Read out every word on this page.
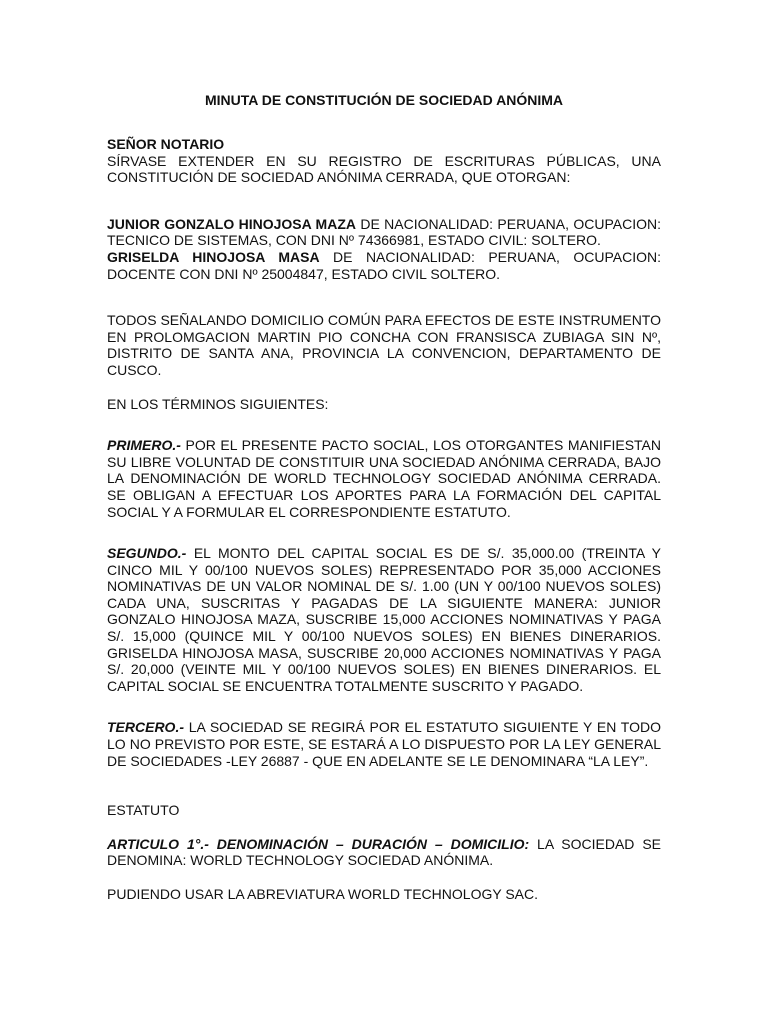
MINUTA DE CONSTITUCIÓN DE SOCIEDAD ANÓNIMA

SEÑOR NOTARIO
SÍRVASE EXTENDER EN SU REGISTRO DE ESCRITURAS PÚBLICAS, UNA CONSTITUCIÓN DE SOCIEDAD ANÓNIMA CERRADA, QUE OTORGAN:

JUNIOR GONZALO HINOJOSA MAZA DE NACIONALIDAD: PERUANA, OCUPACION: TECNICO DE SISTEMAS, CON DNI Nº 74366981, ESTADO CIVIL: SOLTERO.
GRISELDA HINOJOSA MASA DE NACIONALIDAD: PERUANA, OCUPACION: DOCENTE CON DNI Nº 25004847, ESTADO CIVIL SOLTERO.

TODOS SEÑALANDO DOMICILIO COMÚN PARA EFECTOS DE ESTE INSTRUMENTO EN PROLOMGACION MARTIN PIO CONCHA CON FRANSISCA ZUBIAGA SIN Nº, DISTRITO DE SANTA ANA, PROVINCIA LA CONVENCION, DEPARTAMENTO DE CUSCO.

EN LOS TÉRMINOS SIGUIENTES:

PRIMERO.- POR EL PRESENTE PACTO SOCIAL, LOS OTORGANTES MANIFIESTAN SU LIBRE VOLUNTAD DE CONSTITUIR UNA SOCIEDAD ANÓNIMA CERRADA, BAJO LA DENOMINACIÓN DE WORLD TECHNOLOGY SOCIEDAD ANÓNIMA CERRADA. SE OBLIGAN A EFECTUAR LOS APORTES PARA LA FORMACIÓN DEL CAPITAL SOCIAL Y A FORMULAR EL CORRESPONDIENTE ESTATUTO.

SEGUNDO.- EL MONTO DEL CAPITAL SOCIAL ES DE S/. 35,000.00 (TREINTA Y CINCO MIL Y 00/100 NUEVOS SOLES) REPRESENTADO POR 35,000 ACCIONES NOMINATIVAS DE UN VALOR NOMINAL DE S/. 1.00 (UN Y 00/100 NUEVOS SOLES) CADA UNA, SUSCRITAS Y PAGADAS DE LA SIGUIENTE MANERA: JUNIOR GONZALO HINOJOSA MAZA, SUSCRIBE 15,000 ACCIONES NOMINATIVAS Y PAGA S/. 15,000 (QUINCE MIL Y 00/100 NUEVOS SOLES) EN BIENES DINERARIOS. GRISELDA HINOJOSA MASA, SUSCRIBE 20,000 ACCIONES NOMINATIVAS Y PAGA S/. 20,000 (VEINTE MIL Y 00/100 NUEVOS SOLES) EN BIENES DINERARIOS. EL CAPITAL SOCIAL SE ENCUENTRA TOTALMENTE SUSCRITO Y PAGADO.

TERCERO.- LA SOCIEDAD SE REGIRÁ POR EL ESTATUTO SIGUIENTE Y EN TODO LO NO PREVISTO POR ESTE, SE ESTARÁ A LO DISPUESTO POR LA LEY GENERAL DE SOCIEDADES -LEY 26887 - QUE EN ADELANTE SE LE DENOMINARA “LA LEY”.

ESTATUTO

ARTICULO 1°.- DENOMINACIÓN – DURACIÓN – DOMICILIO: LA SOCIEDAD SE DENOMINA: WORLD TECHNOLOGY SOCIEDAD ANÓNIMA.

PUDIENDO USAR LA ABREVIATURA WORLD TECHNOLOGY SAC.
